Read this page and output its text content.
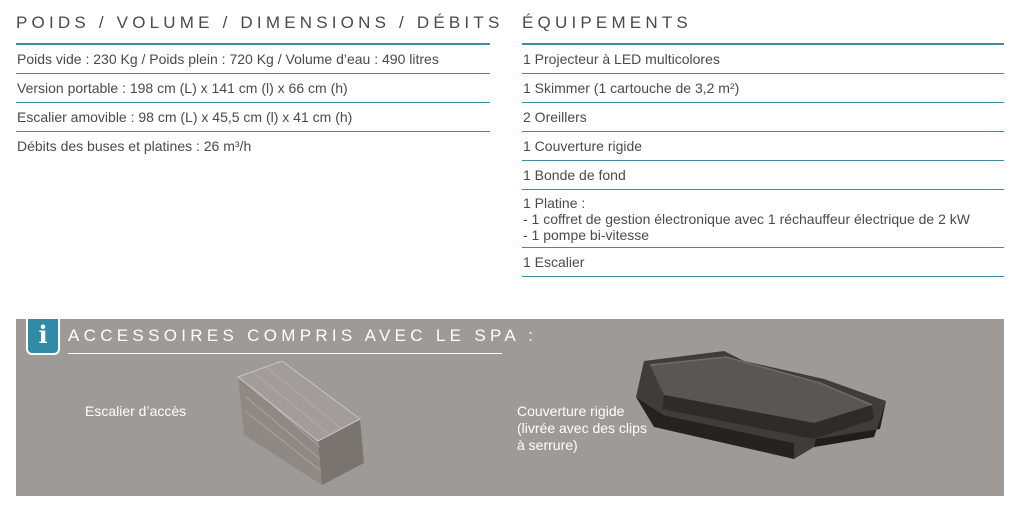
POIDS / VOLUME / DIMENSIONS / DÉBITS
Poids vide : 230 Kg / Poids plein : 720 Kg / Volume d’eau : 490 litres
Version portable : 198 cm (L) x 141 cm (l) x 66 cm (h)
Escalier amovible : 98 cm (L) x 45,5 cm (l) x 41 cm (h)
Débits des buses et platines : 26 m³/h
ÉQUIPEMENTS
1 Projecteur à LED multicolores
1 Skimmer (1 cartouche de 3,2 m²)
2 Oreillers
1 Couverture rigide
1 Bonde de fond
1 Platine :
- 1 coffret de gestion électronique avec 1 réchauffeur électrique de 2 kW
- 1 pompe bi-vitesse
1 Escalier
i	ACCESSOIRES COMPRIS AVEC LE SPA :
Escalier d’accès	Couverture rigide
(livrée avec des clips
à serrure)
